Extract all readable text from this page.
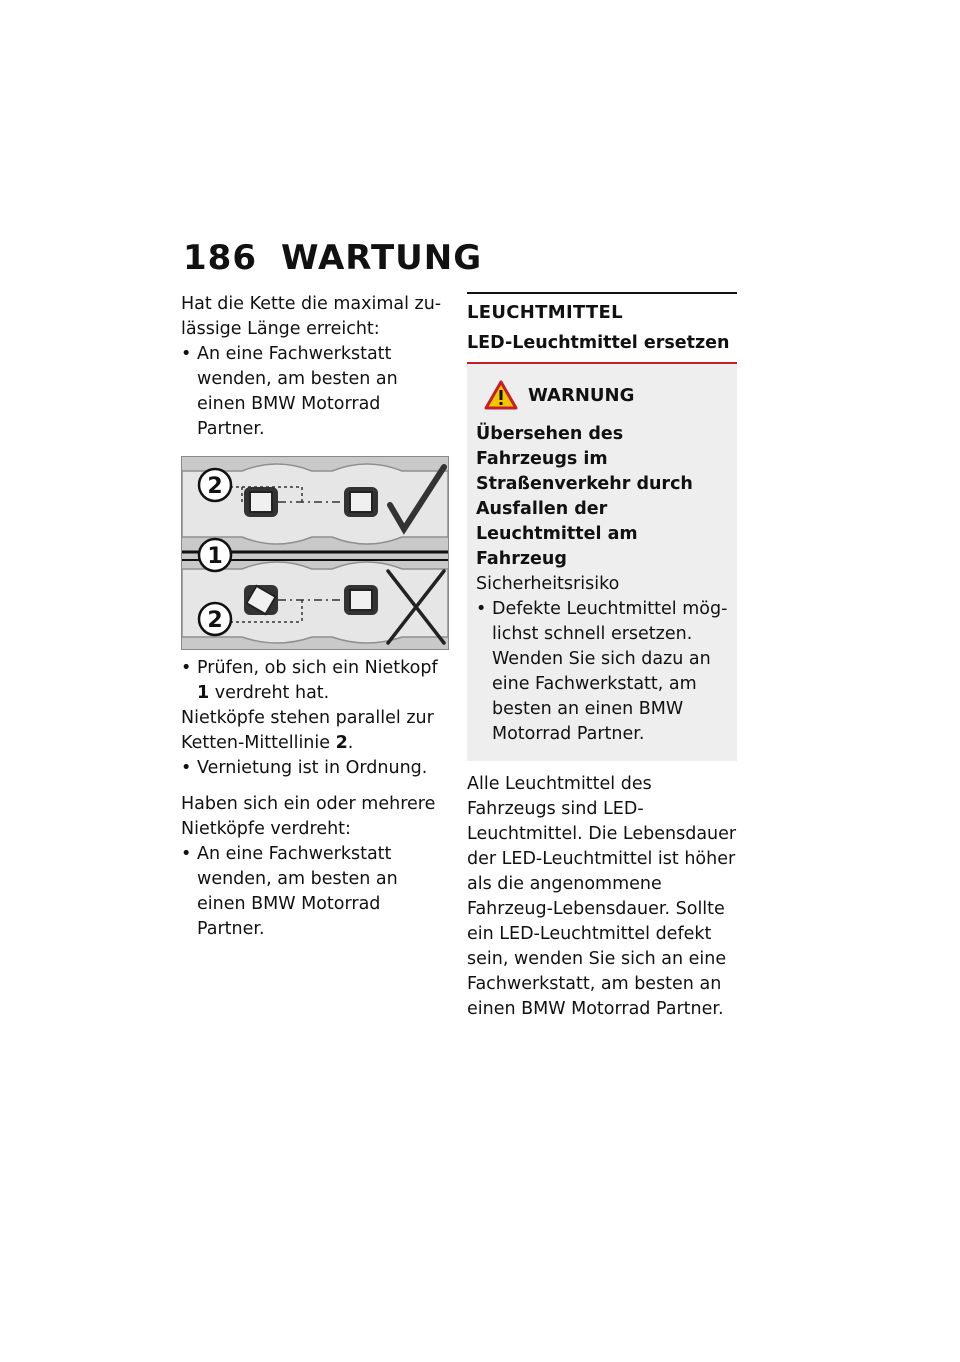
186 WARTUNG

Hat die Kette die maximal zulässige Länge erreicht:

• An eine Fachwerkstatt wenden, am besten an einen BMW Motorrad Partner.

2
1
2

• Prüfen, ob sich ein Nietkopf 1 verdreht hat.

Nietköpfe stehen parallel zur Ketten-Mittellinie 2.

• Vernietung ist in Ordnung.

Haben sich ein oder mehrere Nietköpfe verdreht:

• An eine Fachwerkstatt wenden, am besten an einen BMW Motorrad Partner.

LEUCHTMITTEL
LED-Leuchtmittel ersetzen
WARNUNG

Übersehen des Fahrzeugs im Straßenverkehr durch Ausfallen der Leuchtmittel am Fahrzeug

Sicherheitsrisiko

• Defekte Leuchtmittel möglichst schnell ersetzen. Wenden Sie sich dazu an eine Fachwerkstatt, am besten an einen BMW Motorrad Partner.

Alle Leuchtmittel des Fahrzeugs sind LED-Leuchtmittel. Die Lebensdauer der LED-Leuchtmittel ist höher als die angenommene Fahrzeug-Lebensdauer. Sollte ein LED-Leuchtmittel defekt sein, wenden Sie sich an eine Fachwerkstatt, am besten an einen BMW Motorrad Partner.
